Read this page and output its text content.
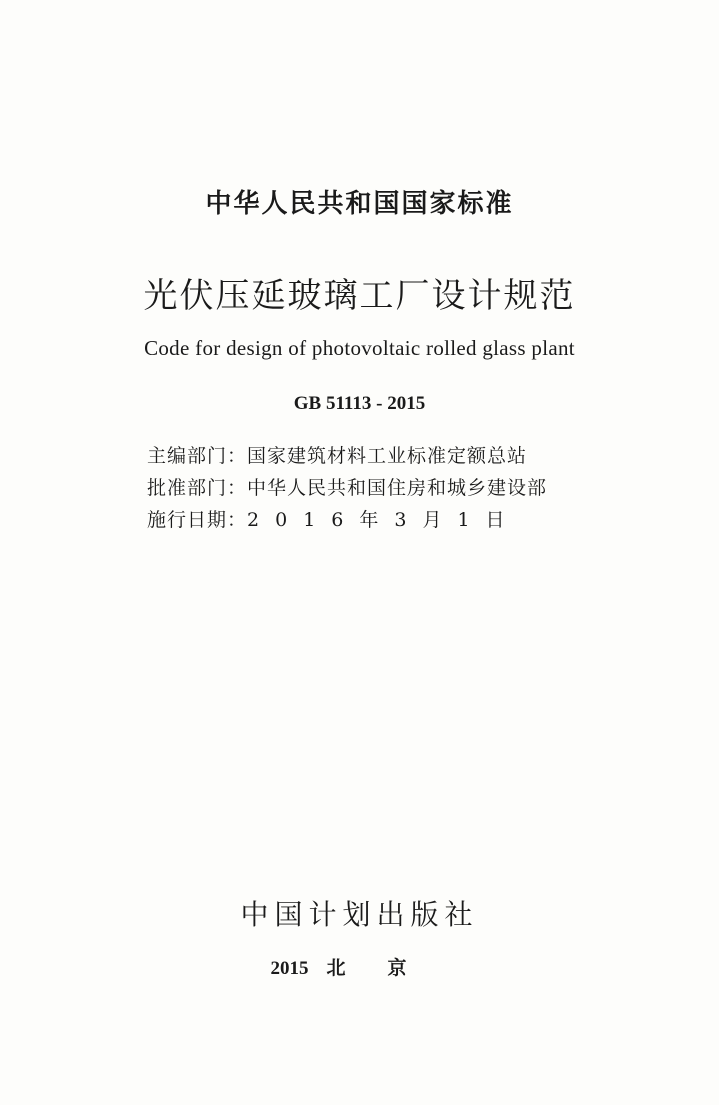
中华人民共和国国家标准
光伏压延玻璃工厂设计规范
Code for design of photovoltaic rolled glass plant
GB 51113 - 2015
主编部门： 国家建筑材料工业标准定额总站
批准部门： 中华人民共和国住房和城乡建设部
施行日期： 2016年3月1日
中国计划出版社
2015 北京
